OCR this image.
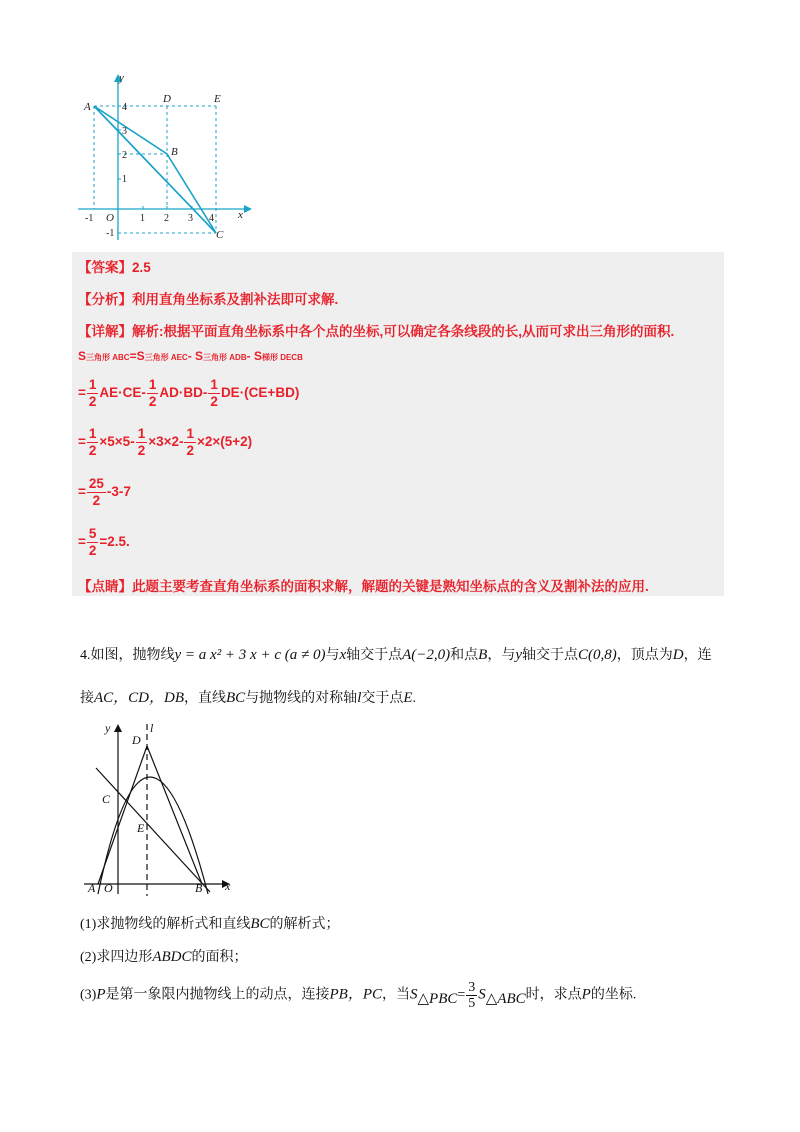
y
x
O
A
D	E
B
C
-1	1 2 3 4
4
3
2
1
-1
【答案】2.5
【分析】利用直角坐标系及割补法即可求解.
【详解】解析:根据平面直角坐标系中各个点的坐标,可以确定各条线段的长,从而可求出三角形的面积.
S三角形 ABC=S三角形 AEC- S三角形 ADB- S梯形 DECB
= $\frac{1}{2} AE\cdot CE- \frac{1}{2} AD\cdot BD- \frac{1}{2} DE\cdot(CE+BD)$
= $\frac{1}{2} \times 5\times 5- \frac{1}{2} \times 3\times 2- \frac{1}{2} \times 2\times(5+2)$
= $\frac{25}{2} -3-7$
= $\frac{5}{2} =2.5$.
【点睛】此题主要考查直角坐标系的面积求解，解题的关键是熟知坐标点的含义及割补法的应用.
4.如图，抛物线y = a x² + 3 x + c (a ≠ 0)与x轴交于点A(−2,0)和点B，与y轴交于点C(0,8)，顶点为D，连
接AC，CD，DB，直线BC与抛物线的对称轴l交于点E.
y
x
l
D
C
E
A O	B
(1)求抛物线的解析式和直线BC的解析式；
(2)求四边形ABDC的面积；
(3)P是第一象限内抛物线上的动点，连接PB，PC，当$S_{\triangle PBC}= \frac{3}{5} S_{\triangle ABC}$时，求点P的坐标.
